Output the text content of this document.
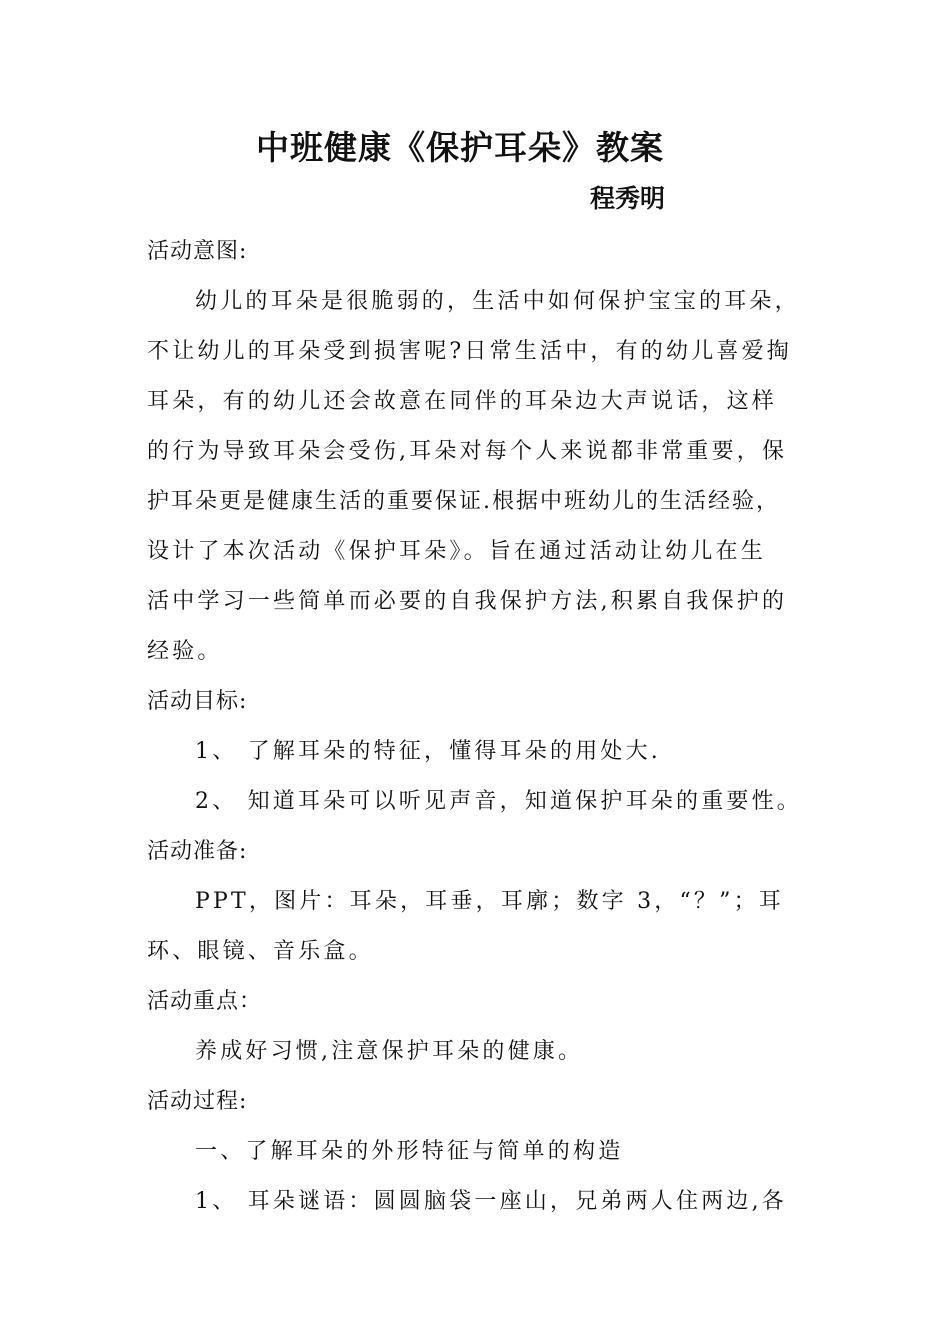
中班健康《保护耳朵》教案
程秀明
活动意图:
幼儿的耳朵是很脆弱的，生活中如何保护宝宝的耳朵，
不让幼儿的耳朵受到损害呢?日常生活中，有的幼儿喜爱掏
耳朵，有的幼儿还会故意在同伴的耳朵边大声说话，这样
的行为导致耳朵会受伤,耳朵对每个人来说都非常重要，保
护耳朵更是健康生活的重要保证.根据中班幼儿的生活经验，
设计了本次活动《保护耳朵》。旨在通过活动让幼儿在生
活中学习一些简单而必要的自我保护方法,积累自我保护的
经验。
活动目标:
1、 了解耳朵的特征，懂得耳朵的用处大.
2、 知道耳朵可以听见声音，知道保护耳朵的重要性。
活动准备:
PPT，图片：耳朵，耳垂，耳廓；数字 3，“？”；耳
环、眼镜、音乐盒。
活动重点：
养成好习惯,注意保护耳朵的健康。
活动过程:
一、了解耳朵的外形特征与简单的构造
1、 耳朵谜语：圆圆脑袋一座山，兄弟两人住两边,各
